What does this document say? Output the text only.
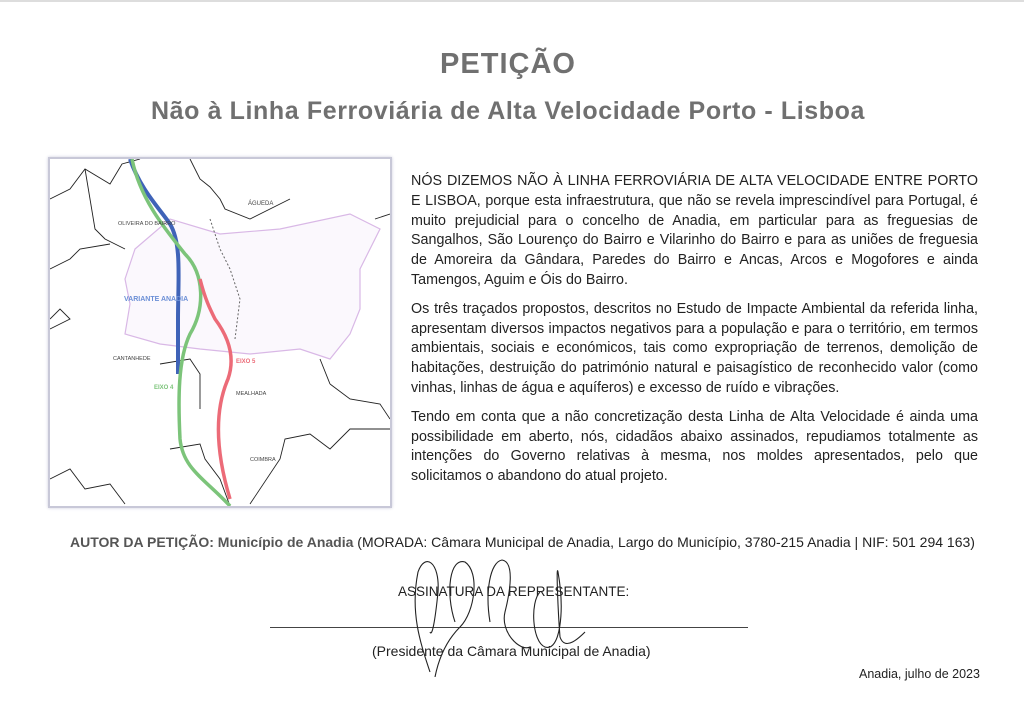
PETIÇÃO
Não à Linha Ferroviária de Alta Velocidade Porto - Lisboa
ÁGUEDA
OLIVEIRA DO BAIRRO
VARIANTE ANADIA
CANTANHEDE
EIXO 4
EIXO 5
MEALHADA
COIMBRA

NÓS DIZEMOS NÃO À LINHA FERROVIÁRIA DE ALTA VELOCIDADE ENTRE PORTO E LISBOA, porque esta infraestrutura, que não se revela imprescindível para Portugal, é muito prejudicial para o concelho de Anadia, em particular para as freguesias de Sangalhos, São Lourenço do Bairro e Vilarinho do Bairro e para as uniões de freguesia de Amoreira da Gândara, Paredes do Bairro e Ancas, Arcos e Mogofores e ainda Tamengos, Aguim e Óis do Bairro.

Os três traçados propostos, descritos no Estudo de Impacte Ambiental da referida linha, apresentam diversos impactos negativos para a população e para o território, em termos ambientais, sociais e económicos, tais como expropriação de terrenos, demolição de habitações, destruição do património natural e paisagístico de reconhecido valor (como vinhas, linhas de água e aquíferos) e excesso de ruído e vibrações.

Tendo em conta que a não concretização desta Linha de Alta Velocidade é ainda uma possibilidade em aberto, nós, cidadãos abaixo assinados, repudiamos totalmente as intenções do Governo relativas à mesma, nos moldes apresentados, pelo que solicitamos o abandono do atual projeto.

AUTOR DA PETIÇÃO: Município de Anadia (MORADA: Câmara Municipal de Anadia, Largo do Município, 3780-215 Anadia | NIF: 501 294 163)
ASSINATURA DA REPRESENTANTE:
(Presidente da Câmara Municipal de Anadia)
Anadia, julho de 2023
